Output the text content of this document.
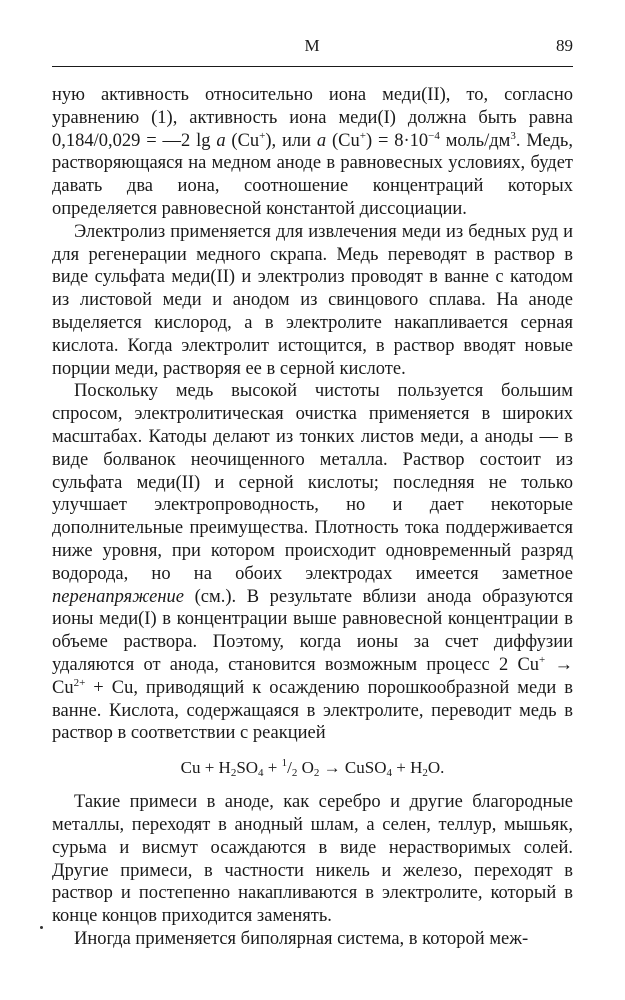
М	89

ную активность относительно иона меди(II), то, согласно уравнению (1), активность иона меди(I) должна быть равна 0,184/0,029 = —2 lg a (Cu+), или a $(Cu^+) = 8\cdot 10^{-4}$ моль/$дм^3$. Медь, растворяющаяся на медном аноде в равновесных условиях, будет давать два иона, соотношение концентраций которых определяется равновесной константой диссоциации.

Электролиз применяется для извлечения меди из бедных руд и для регенерации медного скрапа. Медь переводят в раствор в виде сульфата меди(II) и электролиз проводят в ванне с катодом из листовой меди и анодом из свинцового сплава. На аноде выделяется кислород, а в электролите накапливается серная кислота. Когда электролит истощится, в раствор вводят новые порции меди, растворяя ее в серной кислоте.

Поскольку медь высокой чистоты пользуется большим спросом, электролитическая очистка применяется в широких масштабах. Катоды делают из тонких листов меди, а аноды — в виде болванок неочищенного металла. Раствор состоит из сульфата меди(II) и серной кислоты; последняя не только улучшает электропроводность, но и дает некоторые дополнительные преимущества. Плотность тока поддерживается ниже уровня, при котором происходит одновременный разряд водорода, но на обоих электродах имеется заметное перенапряжение (см.). В результате вблизи анода образуются ионы меди(I) в концентрации выше равновесной концентрации в объеме раствора. Поэтому, когда ионы за счет диффузии удаляются от анода, становится возможным процесс 2 $Cu^+ \to Cu^{2+} + Cu$, приводящий к осаждению порошкообразной меди в ванне. Кислота, содержащаяся в электролите, переводит медь в раствор в соответствии с реакцией

$Cu + H_2SO_4 + ^1/_2$ $O_2$ → CuSO$_4$ + $H_2O$.

Такие примеси в аноде, как серебро и другие благородные металлы, переходят в анодный шлам, а селен, теллур, мышьяк, сурьма и висмут осаждаются в виде нерастворимых солей. Другие примеси, в частности никель и железо, переходят в раствор и постепенно накапливаются в электролите, который в конце концов приходится заменять.

Иногда применяется биполярная система, в которой меж-
